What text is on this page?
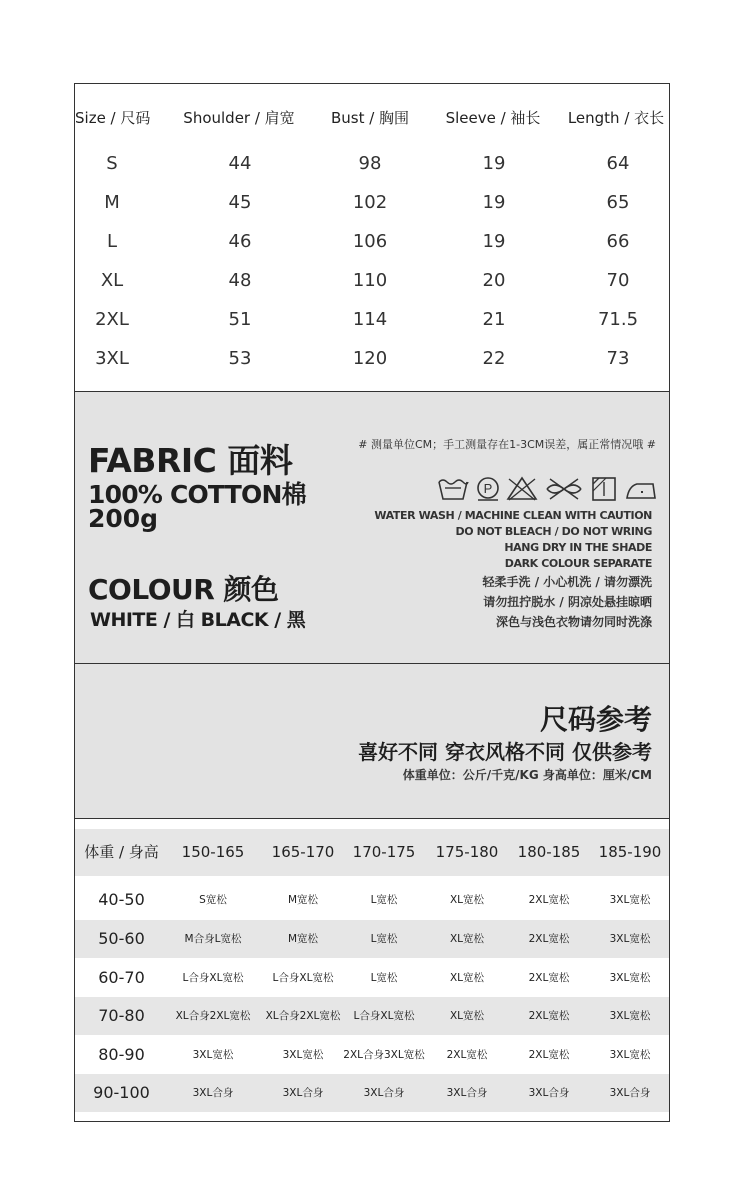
Size / 尺码	Shoulder / 肩宽	Bust / 胸围	Sleeve / 袖长	Length / 衣长
S	44	98	19	64
M	45	102	19	65
L	46	106	19	66
XL	48	110	20	70
2XL	51	114	21	71.5
3XL	53	120	22	73
FABRIC 面料
100% COTTON棉
200g
COLOUR 颜色
WHITE / 白 BLACK / 黑
# 测量单位CM；手工测量存在1-3CM误差，属正常情况哦 #
P
WATER WASH / MACHINE CLEAN WITH CAUTION
DO NOT BLEACH / DO NOT WRING
HANG DRY IN THE SHADE
DARK COLOUR SEPARATE
轻柔手洗 / 小心机洗 / 请勿漂洗
请勿扭拧脱水 / 阴凉处悬挂晾晒
深色与浅色衣物请勿同时洗涤
尺码参考
喜好不同 穿衣风格不同 仅供参考
体重单位：公斤/千克/KG 身高单位：厘米/CM
体重 / 身高	150-165	165-170	170-175	175-180	180-185	185-190
40-50	S宽松	M宽松	L宽松	XL宽松	2XL宽松	3XL宽松
50-60	M合身L宽松	M宽松	L宽松	XL宽松	2XL宽松	3XL宽松
60-70	L合身XL宽松	L合身XL宽松	L宽松	XL宽松	2XL宽松	3XL宽松
70-80	XL合身2XL宽松	XL合身2XL宽松	L合身XL宽松	XL宽松	2XL宽松	3XL宽松
80-90	3XL宽松	3XL宽松	2XL合身3XL宽松	2XL宽松	2XL宽松	3XL宽松
90-100	3XL合身	3XL合身	3XL合身	3XL合身	3XL合身	3XL合身
